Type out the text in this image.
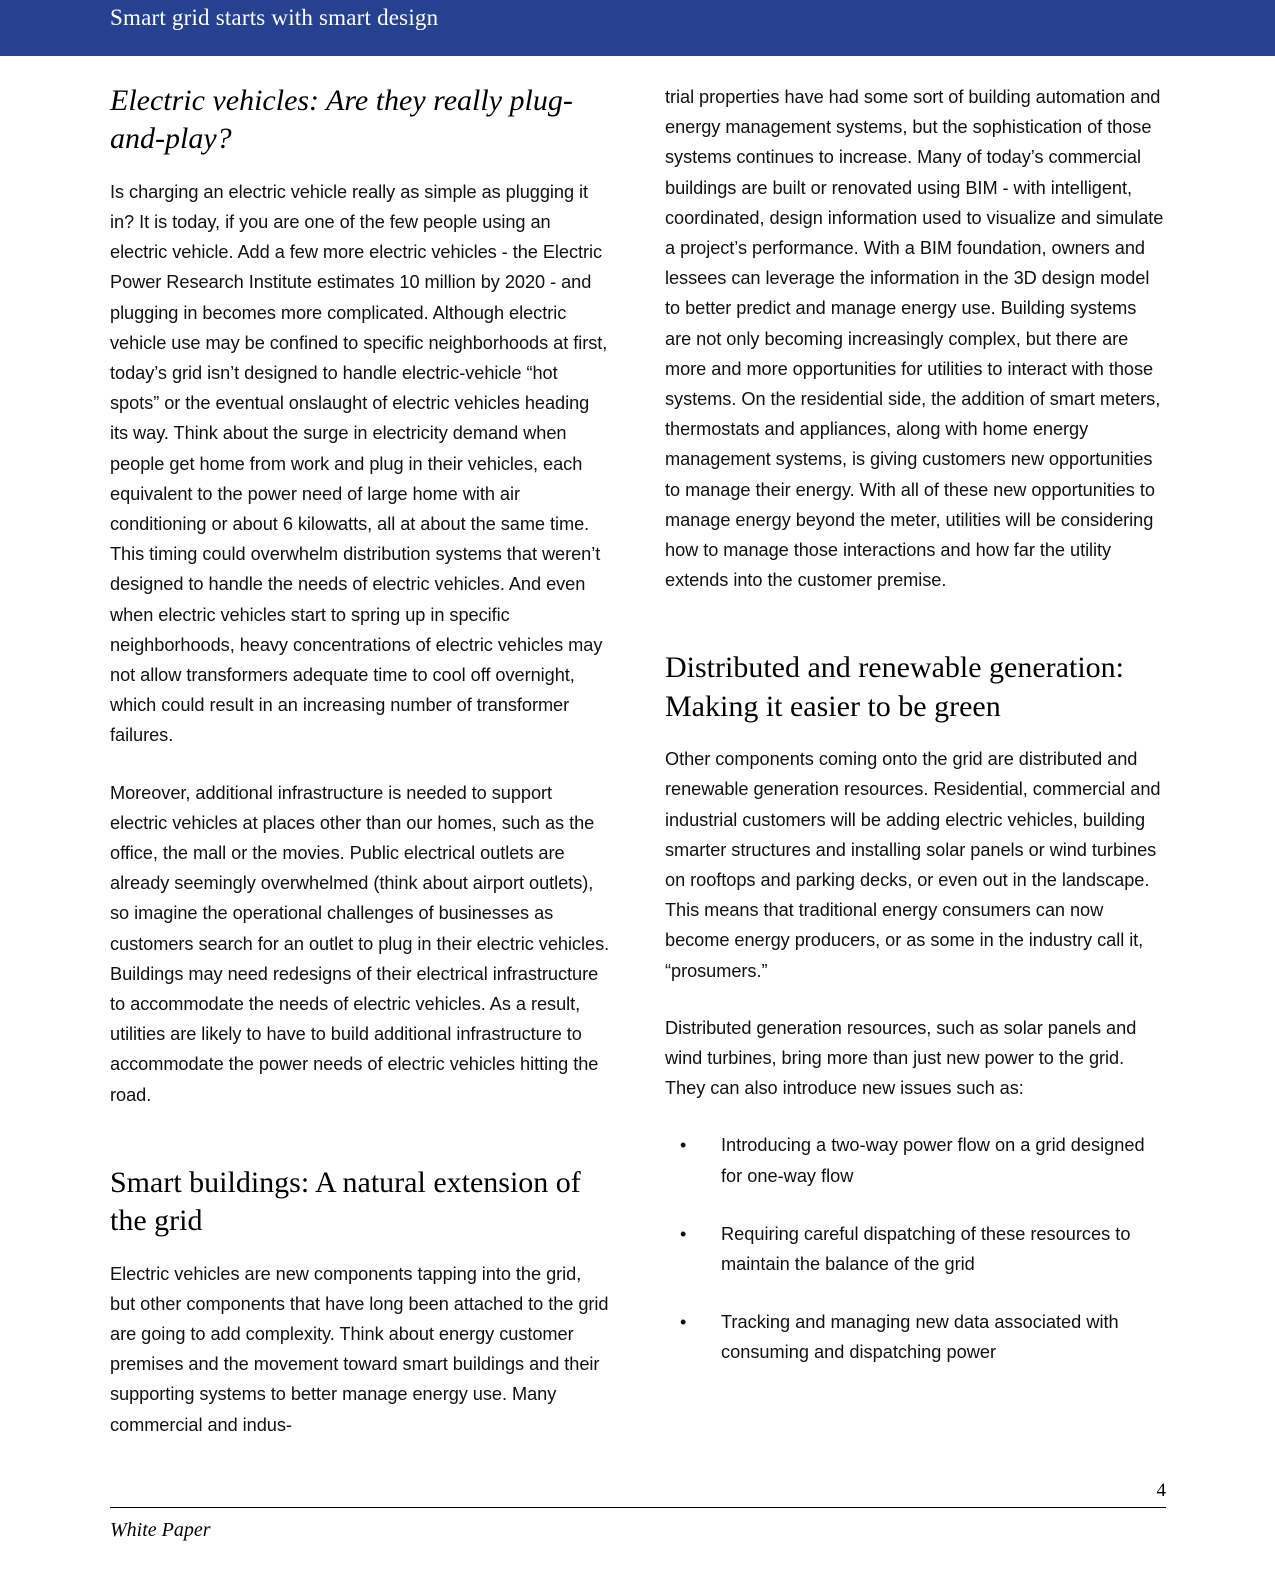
Smart grid starts with smart design
Electric vehicles: Are they really plug-and-play?

Is charging an electric vehicle really as simple as plugging it in? It is today, if you are one of the few people using an electric vehicle. Add a few more electric vehicles - the Electric Power Research Institute estimates 10 million by 2020 - and plugging in becomes more complicated. Although electric vehicle use may be confined to specific neighborhoods at first, today’s grid isn’t designed to handle electric-vehicle “hot spots” or the eventual onslaught of electric vehicles heading its way. Think about the surge in electricity demand when people get home from work and plug in their vehicles, each equivalent to the power need of large home with air conditioning or about 6 kilowatts, all at about the same time. This timing could overwhelm distribution systems that weren’t designed to handle the needs of electric vehicles. And even when electric vehicles start to spring up in specific neighborhoods, heavy concentrations of electric vehicles may not allow transformers adequate time to cool off overnight, which could result in an increasing number of transformer failures.

Moreover, additional infrastructure is needed to support electric vehicles at places other than our homes, such as the office, the mall or the movies. Public electrical outlets are already seemingly overwhelmed (think about airport outlets), so imagine the operational challenges of businesses as customers search for an outlet to plug in their electric vehicles. Buildings may need redesigns of their electrical infrastructure to accommodate the needs of electric vehicles. As a result, utilities are likely to have to build additional infrastructure to accommodate the power needs of electric vehicles hitting the road.

Smart buildings: A natural extension of the grid

Electric vehicles are new components tapping into the grid, but other components that have long been attached to the grid are going to add complexity. Think about energy customer premises and the movement toward smart buildings and their supporting systems to better manage energy use. Many commercial and indus-

trial properties have had some sort of building automation and energy management systems, but the sophistication of those systems continues to increase. Many of today’s commercial buildings are built or renovated using BIM - with intelligent, coordinated, design information used to visualize and simulate a project’s performance. With a BIM foundation, owners and lessees can leverage the information in the 3D design model to better predict and manage energy use. Building systems are not only becoming increasingly complex, but there are more and more opportunities for utilities to interact with those systems. On the residential side, the addition of smart meters, thermostats and appliances, along with home energy management systems, is giving customers new opportunities to manage their energy. With all of these new opportunities to manage energy beyond the meter, utilities will be considering how to manage those interactions and how far the utility extends into the customer premise.

Distributed and renewable generation: Making it easier to be green

Other components coming onto the grid are distributed and renewable generation resources. Residential, commercial and industrial customers will be adding electric vehicles, building smarter structures and installing solar panels or wind turbines on rooftops and parking decks, or even out in the landscape. This means that traditional energy consumers can now become energy producers, or as some in the industry call it, “prosumers.”

Distributed generation resources, such as solar panels and wind turbines, bring more than just new power to the grid. They can also introduce new issues such as:

• Introducing a two-way power flow on a grid designed for one-way flow
• Requiring careful dispatching of these resources to maintain the balance of the grid
• Tracking and managing new data associated with consuming and dispatching power
4
White Paper
